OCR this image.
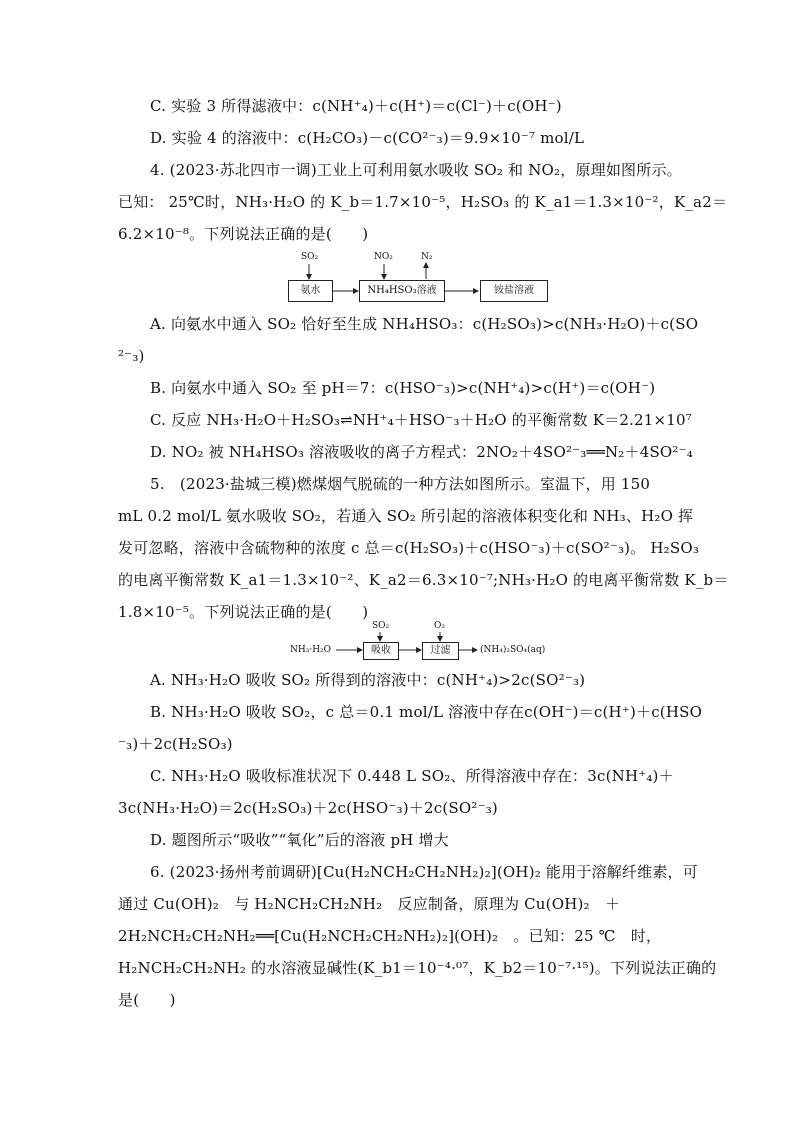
C. 实验 3 所得滤液中：c(NH⁺₄)＋c(H⁺)＝c(Cl⁻)＋c(OH⁻)
D. 实验 4 的溶液中：c(H₂CO₃)－c(CO²⁻₃)＝9.9×10⁻⁷ mol/L
4. (2023·苏北四市一调)工业上可利用氨水吸收 SO₂ 和 NO₂，原理如图所示。
已知： 25℃时，NH₃·H₂O 的 K_b＝1.7×10⁻⁵，H₂SO₃ 的 K_a1＝1.3×10⁻²，K_a2＝
6.2×10⁻⁸。下列说法正确的是(　　)
SO₂	NO₂	N₂
氨水	NH₄HSO₃溶液	铵盐溶液
A. 向氨水中通入 SO₂ 恰好至生成 NH₄HSO₃：c(H₂SO₃)>c(NH₃·H₂O)＋c(SO
²⁻₃)
B. 向氨水中通入 SO₂ 至 pH＝7：c(HSO⁻₃)>c(NH⁺₄)>c(H⁺)＝c(OH⁻)
C. 反应 NH₃·H₂O＋H₂SO₃⇌NH⁺₄＋HSO⁻₃＋H₂O 的平衡常数 K＝2.21×10⁷
D. NO₂ 被 NH₄HSO₃ 溶液吸收的离子方程式：2NO₂＋4SO²⁻₃══N₂＋4SO²⁻₄
5.　(2023·盐城三模)燃煤烟气脱硫的一种方法如图所示。室温下，用 150
mL 0.2 mol/L 氨水吸收 SO₂，若通入 SO₂ 所引起的溶液体积变化和 NH₃、H₂O 挥
发可忽略，溶液中含硫物种的浓度 c 总＝c(H₂SO₃)＋c(HSO⁻₃)＋c(SO²⁻₃)。 H₂SO₃
的电离平衡常数 K_a1＝1.3×10⁻²、K_a2＝6.3×10⁻⁷;NH₃·H₂O 的电离平衡常数 K_b＝
1.8×10⁻⁵。下列说法正确的是(　　)
NH₃·H₂O
SO₂	O₂
吸收	过滤	(NH₄)₂SO₄(aq)
A. NH₃·H₂O 吸收 SO₂ 所得到的溶液中：c(NH⁺₄)>2c(SO²⁻₃)
B. NH₃·H₂O 吸收 SO₂，c 总＝0.1 mol/L 溶液中存在c(OH⁻)＝c(H⁺)＋c(HSO
⁻₃)＋2c(H₂SO₃)
C. NH₃·H₂O 吸收标准状况下 0.448 L SO₂、所得溶液中存在：3c(NH⁺₄)＋
3c(NH₃·H₂O)＝2c(H₂SO₃)＋2c(HSO⁻₃)＋2c(SO²⁻₃)
D. 题图所示“吸收”“氧化”后的溶液 pH 增大
6. (2023·扬州考前调研)[Cu(H₂NCH₂CH₂NH₂)₂](OH)₂ 能用于溶解纤维素，可
通过 Cu(OH)₂　与 H₂NCH₂CH₂NH₂　反应制备，原理为 Cu(OH)₂　＋
2H₂NCH₂CH₂NH₂══[Cu(H₂NCH₂CH₂NH₂)₂](OH)₂　。已知：25 ℃　时，
H₂NCH₂CH₂NH₂ 的水溶液显碱性(K_b1＝10⁻⁴·⁰⁷，K_b2＝10⁻⁷·¹⁵)。下列说法正确的
是(　　)
